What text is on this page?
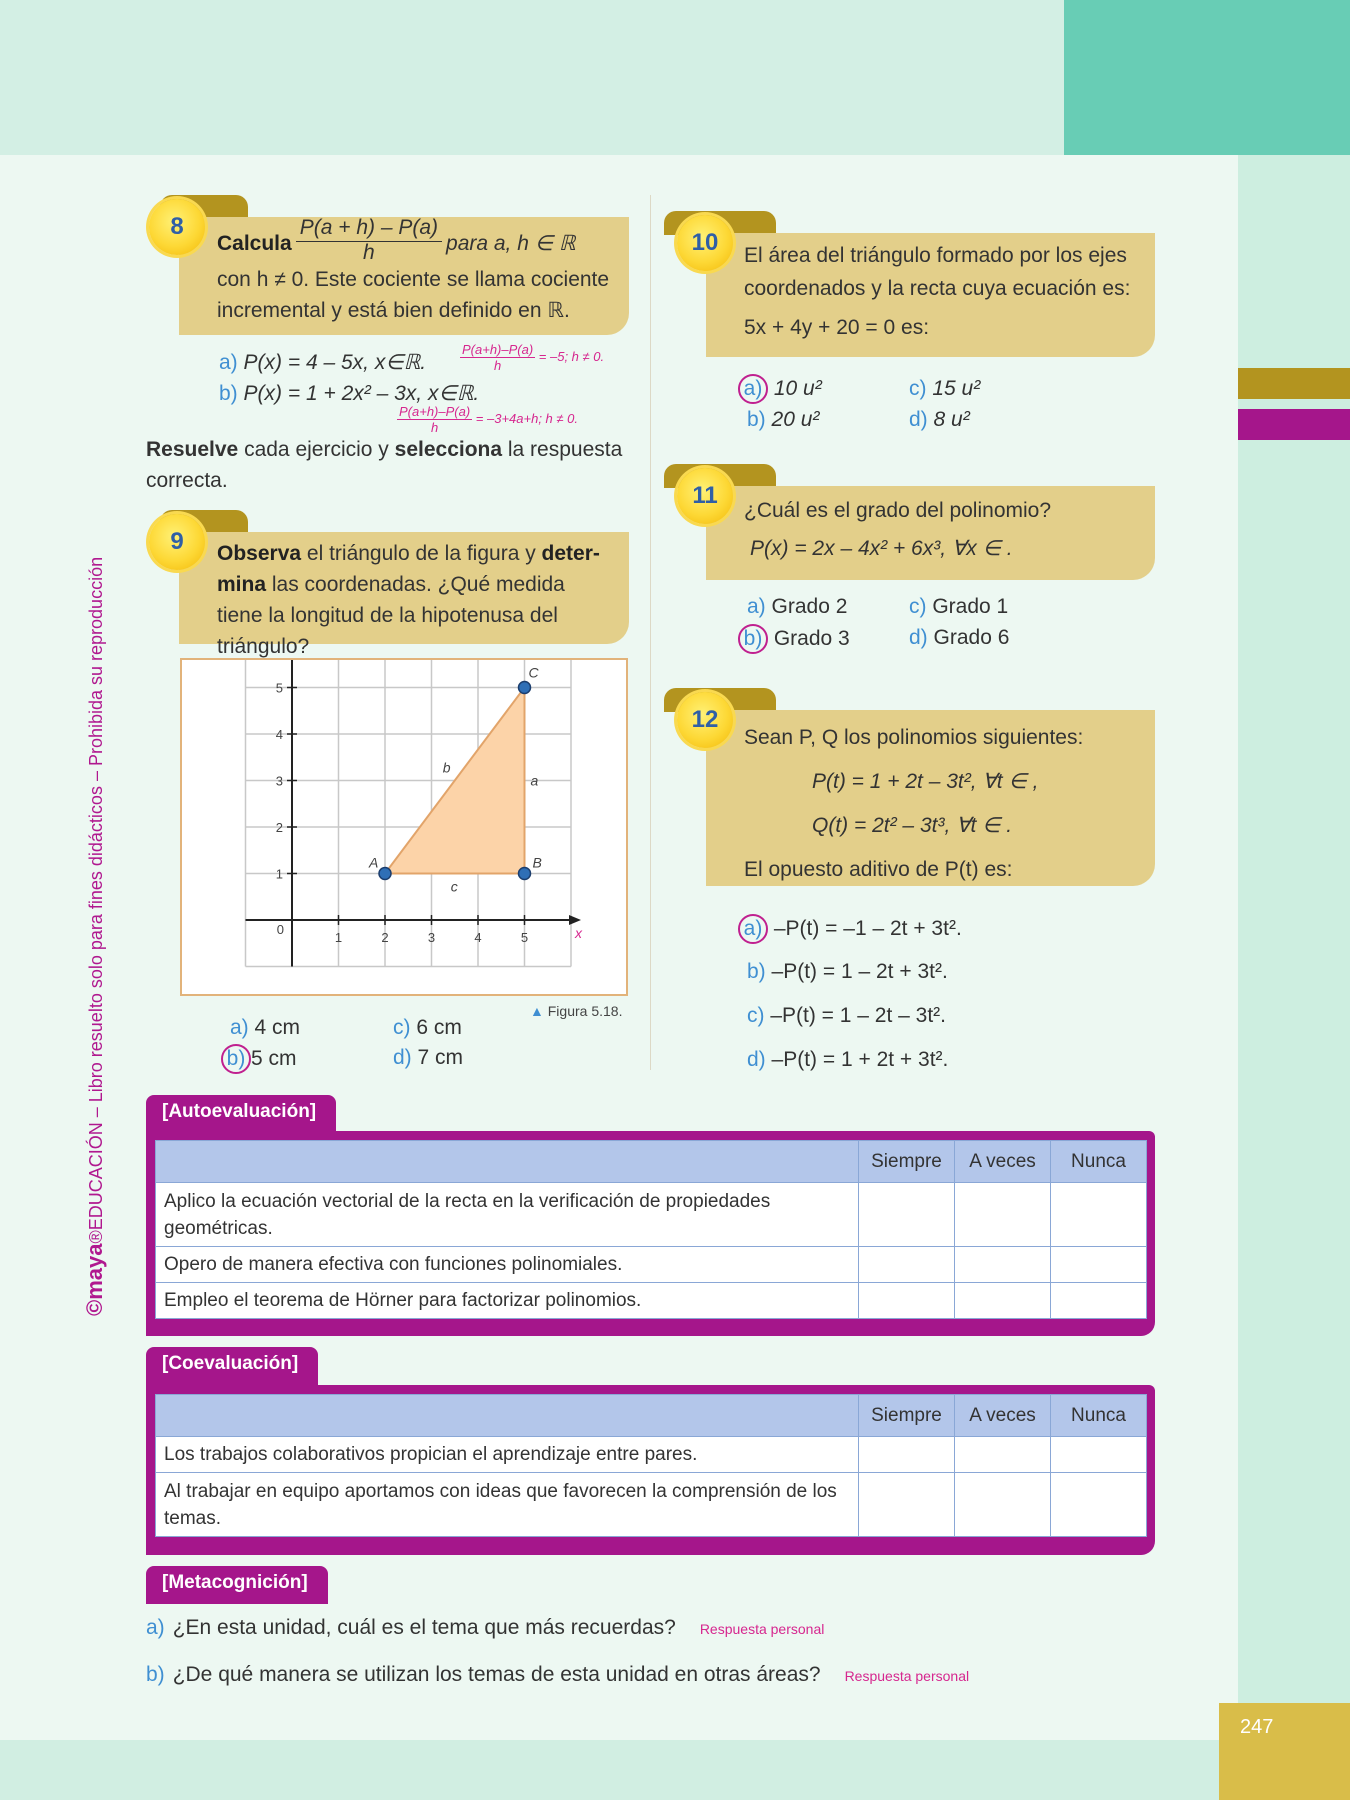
247
©maya®EDUCACIÓN – Libro resuelto solo para fines didácticos – Prohibida su reproducción
Calcula $\frac{P(a + h) - P(a)}{h}$ para a, h ∈ ℝ
con h ≠ 0. Este cociente se llama cociente
incremental y está bien definido en ℝ.
8
a) P(x) = 4 – 5x, x∈ℝ.	$\frac{P(a+h)-P(a)}{h} = -5$; h ≠ 0.
b) P(x) = 1 + 2x² – 3x, x∈ℝ.
$\frac{P(a+h)-P(a)}{h} = -3+4a+h$; h ≠ 0.
Resuelve cada ejercicio y selecciona la respuesta correcta.
Observa el triángulo de la figura y deter-
mina las coordenadas. ¿Qué medida tiene la longitud de la hipotenusa del triángulo?
9
1	2	3	4	5
1
2
3
4
5
0	x
b
a
c
A	B
C
▲ Figura 5.18.
a) 4 cm
b) 5 cm
c) 6 cm
d) 7 cm
El área del triángulo formado por los ejes
coordenados y la recta cuya ecuación es:
5x + 4y + 20 = 0 es:
10
a) 10 u²
b) 20 u²
c) 15 u²
d) 8 u²
¿Cuál es el grado del polinomio?
P(x) = 2x – 4x² + 6x³, ∀x ∈ .
11
a) Grado 2
b) Grado 3
c) Grado 1
d) Grado 6
Sean P, Q los polinomios siguientes:
P(t) = 1 + 2t – 3t², ∀t ∈ ,
Q(t) = 2t² – 3t³, ∀t ∈ .
El opuesto aditivo de P(t) es:
12
a) –P(t) = –1 – 2t + 3t².
b) –P(t) = 1 – 2t + 3t².
c) –P(t) = 1 – 2t – 3t².
d) –P(t) = 1 + 2t + 3t².
[Autoevaluación]
	Siempre	A veces	Nunca
Aplico la ecuación vectorial de la recta en la verificación de propiedades geométricas.			
Opero de manera efectiva con funciones polinomiales.			
Empleo el teorema de Hörner para factorizar polinomios.			
[Coevaluación]
	Siempre	A veces	Nunca
Los trabajos colaborativos propician el aprendizaje entre pares.			
Al trabajar en equipo aportamos con ideas que favorecen la comprensión de los temas.			
[Metacognición]
a) ¿En esta unidad, cuál es el tema que más recuerdas? Respuesta personal
b) ¿De qué manera se utilizan los temas de esta unidad en otras áreas? Respuesta personal
